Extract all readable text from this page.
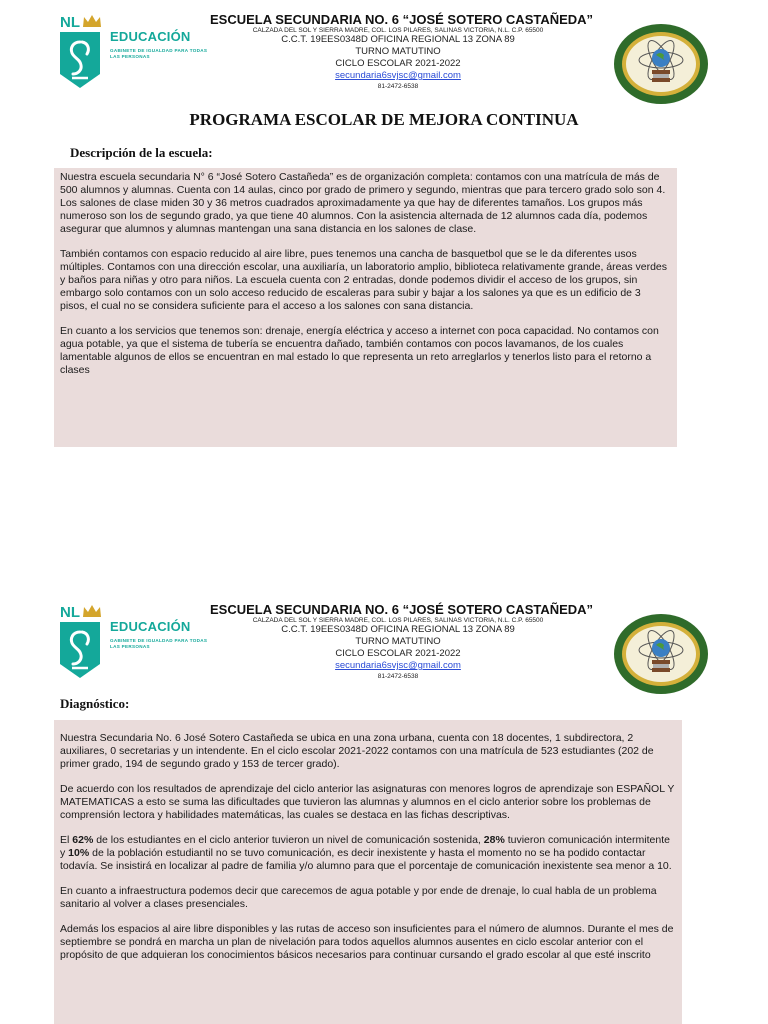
NL
EDUCACIÓN
GABINETE DE IGUALDAD PARA TODAS LAS PERSONAS
ESCUELA SECUNDARIA NO. 6 “JOSÉ SOTERO CASTAÑEDA”
CALZADA DEL SOL Y SIERRA MADRE, COL. LOS PILARES, SALINAS VICTORIA, N.L. C.P. 65500
C.C.T. 19EES0348D OFICINA REGIONAL 13 ZONA 89
TURNO MATUTINO
CICLO ESCOLAR 2021-2022
secundaria6svjsc@gmail.com
81-2472-6538
PROGRAMA ESCOLAR DE MEJORA CONTINUA
Descripción de la escuela:

Nuestra escuela secundaria N° 6 “José Sotero Castañeda” es de organización completa: contamos con una matrícula de más de 500 alumnos y alumnas. Cuenta con 14 aulas, cinco por grado de primero y segundo, mientras que para tercero grado solo son 4. Los salones de clase miden 30 y 36 metros cuadrados aproximadamente ya que hay de diferentes tamaños. Los grupos más numeroso son los de segundo grado, ya que tiene 40 alumnos. Con la asistencia alternada de 12 alumnos cada día, podemos asegurar que alumnos y alumnas mantengan una sana distancia en los salones de clase.

También contamos con espacio reducido al aire libre, pues tenemos una cancha de basquetbol que se le da diferentes usos múltiples. Contamos con una dirección escolar, una auxiliaría, un laboratorio amplio, biblioteca relativamente grande, áreas verdes y baños para niñas y otro para niños. La escuela cuenta con 2 entradas, donde podemos dividir el acceso de los grupos, sin embargo solo contamos con un solo acceso reducido de escaleras para subir y bajar a los salones ya que es un edificio de 3 pisos, el cual no se considera suficiente para el acceso a los salones con sana distancia.

En cuanto a los servicios que tenemos son: drenaje, energía eléctrica y acceso a internet con poca capacidad. No contamos con agua potable, ya que el sistema de tubería se encuentra dañado, también contamos con pocos lavamanos, de los cuales lamentable algunos de ellos se encuentran en mal estado lo que representa un reto arreglarlos y tenerlos listo para el retorno a clases

NL
EDUCACIÓN
GABINETE DE IGUALDAD PARA TODAS LAS PERSONAS
ESCUELA SECUNDARIA NO. 6 “JOSÉ SOTERO CASTAÑEDA”
CALZADA DEL SOL Y SIERRA MADRE, COL. LOS PILARES, SALINAS VICTORIA, N.L. C.P. 65500
C.C.T. 19EES0348D OFICINA REGIONAL 13 ZONA 89
TURNO MATUTINO
CICLO ESCOLAR 2021-2022
secundaria6svjsc@gmail.com
81-2472-6538
Diagnóstico:

Nuestra Secundaria No. 6 José Sotero Castañeda se ubica en una zona urbana, cuenta con 18 docentes, 1 subdirectora, 2 auxiliares, 0 secretarias y un intendente. En el ciclo escolar 2021-2022 contamos con una matrícula de 523 estudiantes (202 de primer grado, 194 de segundo grado y 153 de tercer grado).

De acuerdo con los resultados de aprendizaje del ciclo anterior las asignaturas con menores logros de aprendizaje son ESPAÑOL Y MATEMATICAS a esto se suma las dificultades que tuvieron las alumnas y alumnos en el ciclo anterior sobre los problemas de comprensión lectora y habilidades matemáticas, las cuales se destaca en las fichas descriptivas.

El 62% de los estudiantes en el ciclo anterior tuvieron un nivel de comunicación sostenida, 28% tuvieron comunicación intermitente y 10% de la población estudiantil no se tuvo comunicación, es decir inexistente y hasta el momento no se ha podido contactar todavía. Se insistirá en localizar al padre de familia y/o alumno para que el porcentaje de comunicación inexistente sea menor a 10.

En cuanto a infraestructura podemos decir que carecemos de agua potable y por ende de drenaje, lo cual habla de un problema sanitario al volver a clases presenciales.

Además los espacios al aire libre disponibles y las rutas de acceso son insuficientes para el número de alumnos. Durante el mes de septiembre se pondrá en marcha un plan de nivelación para todos aquellos alumnos ausentes en ciclo escolar anterior con el propósito de que adquieran los conocimientos básicos necesarios para continuar cursando el grado escolar al que esté inscrito
